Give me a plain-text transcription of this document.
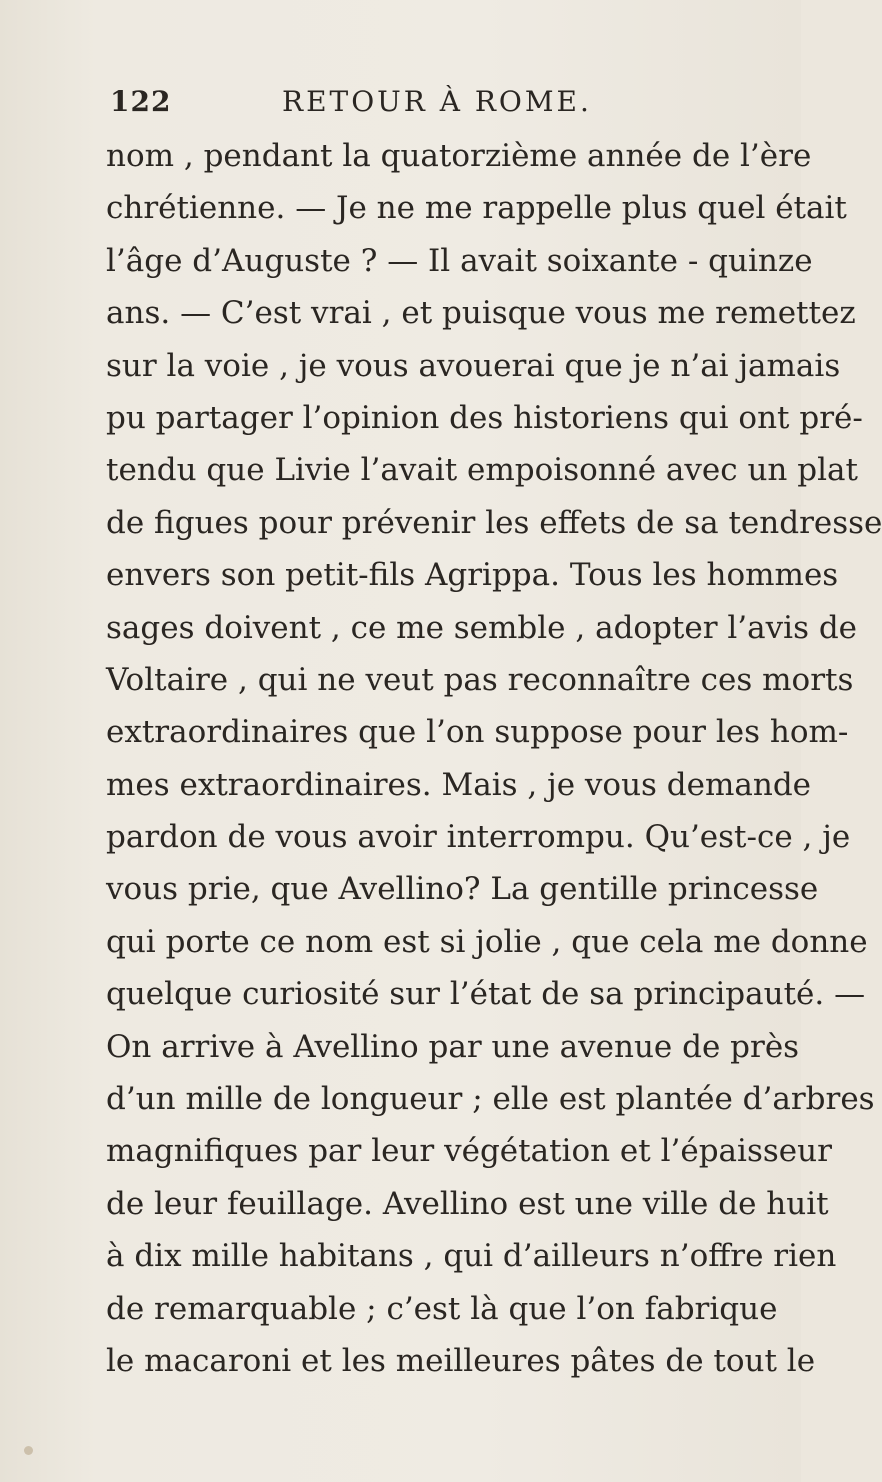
122	RETOUR À ROME.
nom , pendant la quatorzième année de l’ère
chrétienne. — Je ne me rappelle plus quel était
l’âge d’Auguste ? — Il avait soixante - quinze
ans. — C’est vrai , et puisque vous me remettez
sur la voie , je vous avouerai que je n’ai jamais
pu partager l’opinion des historiens qui ont pré-
tendu que Livie l’avait empoisonné avec un plat
de figues pour prévenir les effets de sa tendresse
envers son petit-fils Agrippa. Tous les hommes
sages doivent , ce me semble , adopter l’avis de
Voltaire , qui ne veut pas reconnaître ces morts
extraordinaires que l’on suppose pour les hom-
mes extraordinaires. Mais , je vous demande
pardon de vous avoir interrompu. Qu’est-ce , je
vous prie, que Avellino? La gentille princesse
qui porte ce nom est si jolie , que cela me donne
quelque curiosité sur l’état de sa principauté. —
On arrive à Avellino par une avenue de près
d’un mille de longueur ; elle est plantée d’arbres
magnifiques par leur végétation et l’épaisseur
de leur feuillage. Avellino est une ville de huit
à dix mille habitans , qui d’ailleurs n’offre rien
de remarquable ; c’est là que l’on fabrique
le macaroni et les meilleures pâtes de tout le
